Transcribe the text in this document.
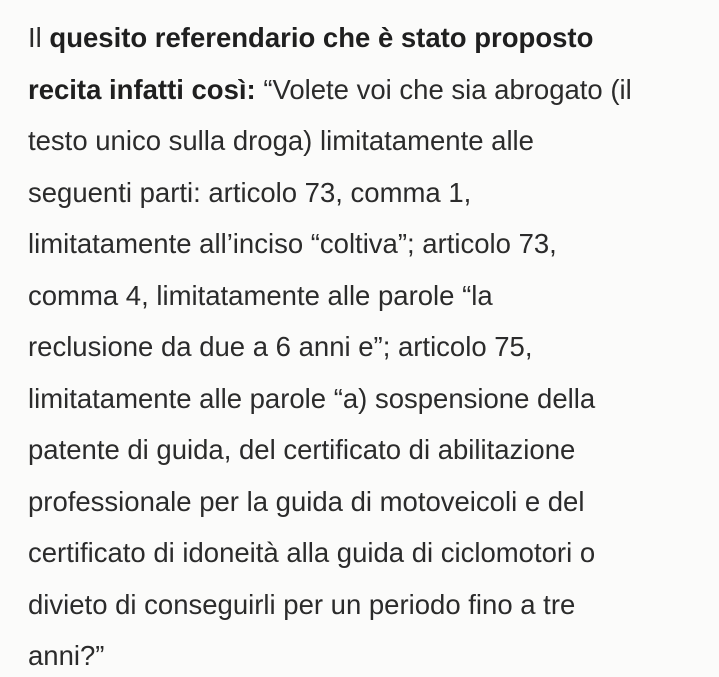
Il quesito referendario che è stato proposto
recita infatti così: “Volete voi che sia abrogato (il
testo unico sulla droga) limitatamente alle
seguenti parti: articolo 73, comma 1,
limitatamente all’inciso “coltiva”; articolo 73,
comma 4, limitatamente alle parole “la
reclusione da due a 6 anni e”; articolo 75,
limitatamente alle parole “a) sospensione della
patente di guida, del certificato di abilitazione
professionale per la guida di motoveicoli e del
certificato di idoneità alla guida di ciclomotori o
divieto di conseguirli per un periodo fino a tre
anni?”
